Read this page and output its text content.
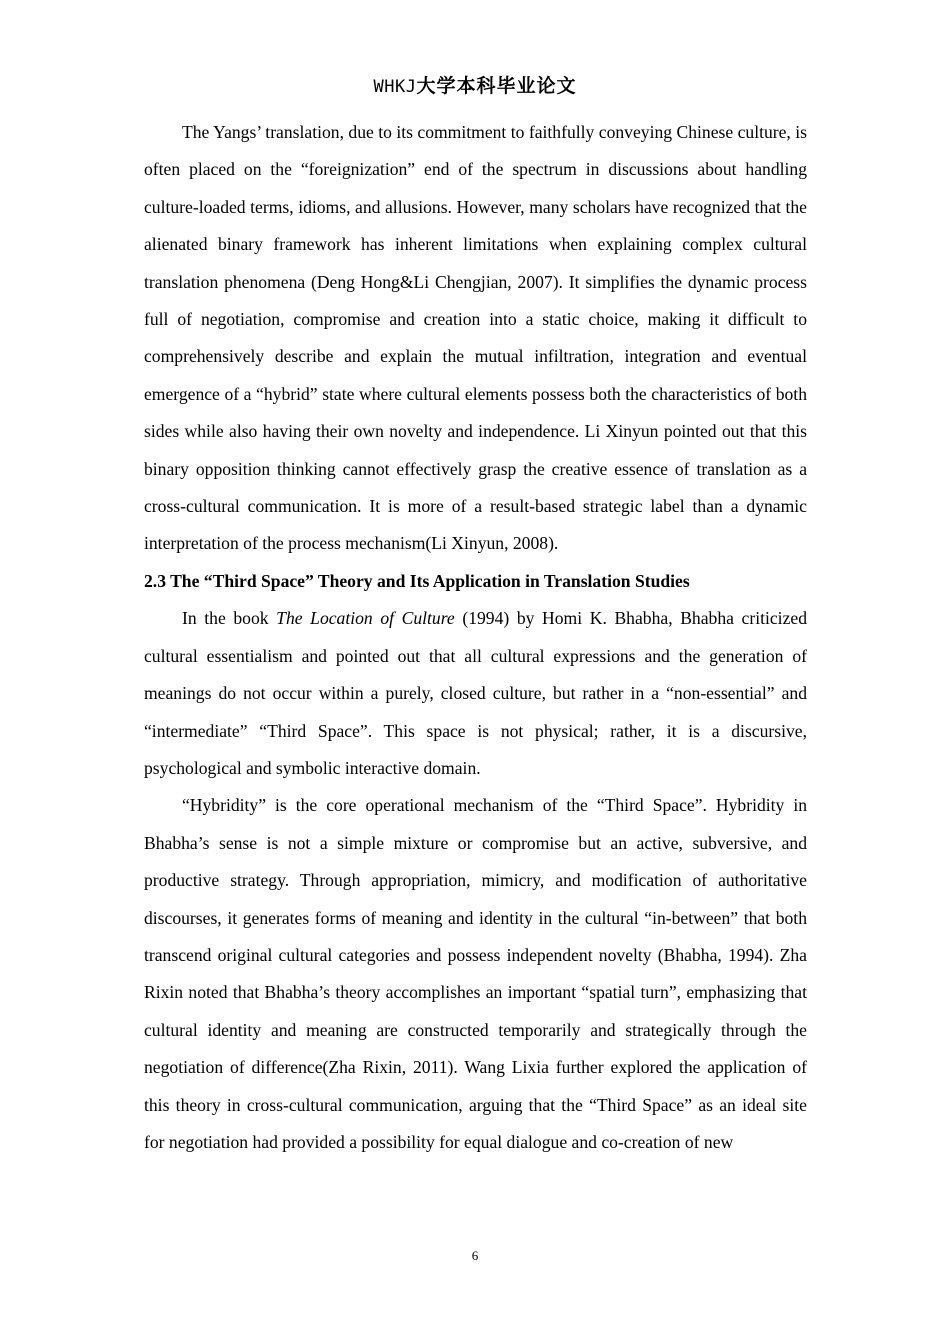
WHKJ大学本科毕业论文

The Yangs’ translation, due to its commitment to faithfully conveying Chinese culture, is often placed on the “foreignization” end of the spectrum in discussions about handling culture-loaded terms, idioms, and allusions. However, many scholars have recognized that the alienated binary framework has inherent limitations when explaining complex cultural translation phenomena (Deng Hong&Li Chengjian, 2007). It simplifies the dynamic process full of negotiation, compromise and creation into a static choice, making it difficult to comprehensively describe and explain the mutual infiltration, integration and eventual emergence of a “hybrid” state where cultural elements possess both the characteristics of both sides while also having their own novelty and independence. Li Xinyun pointed out that this binary opposition thinking cannot effectively grasp the creative essence of translation as a cross-cultural communication. It is more of a result-based strategic label than a dynamic interpretation of the process mechanism(Li Xinyun, 2008).

2.3 The “Third Space” Theory and Its Application in Translation Studies

In the book The Location of Culture (1994) by Homi K. Bhabha, Bhabha criticized cultural essentialism and pointed out that all cultural expressions and the generation of meanings do not occur within a purely, closed culture, but rather in a “non-essential” and “intermediate” “Third Space”. This space is not physical; rather, it is a discursive, psychological and symbolic interactive domain.

“Hybridity” is the core operational mechanism of the “Third Space”. Hybridity in Bhabha’s sense is not a simple mixture or compromise but an active, subversive, and productive strategy. Through appropriation, mimicry, and modification of authoritative discourses, it generates forms of meaning and identity in the cultural “in-between” that both transcend original cultural categories and possess independent novelty (Bhabha, 1994). Zha Rixin noted that Bhabha’s theory accomplishes an important “spatial turn”, emphasizing that cultural identity and meaning are constructed temporarily and strategically through the negotiation of difference(Zha Rixin, 2011). Wang Lixia further explored the application of this theory in cross-cultural communication, arguing that the “Third Space” as an ideal site for negotiation had provided a possibility for equal dialogue and co-creation of new

6
